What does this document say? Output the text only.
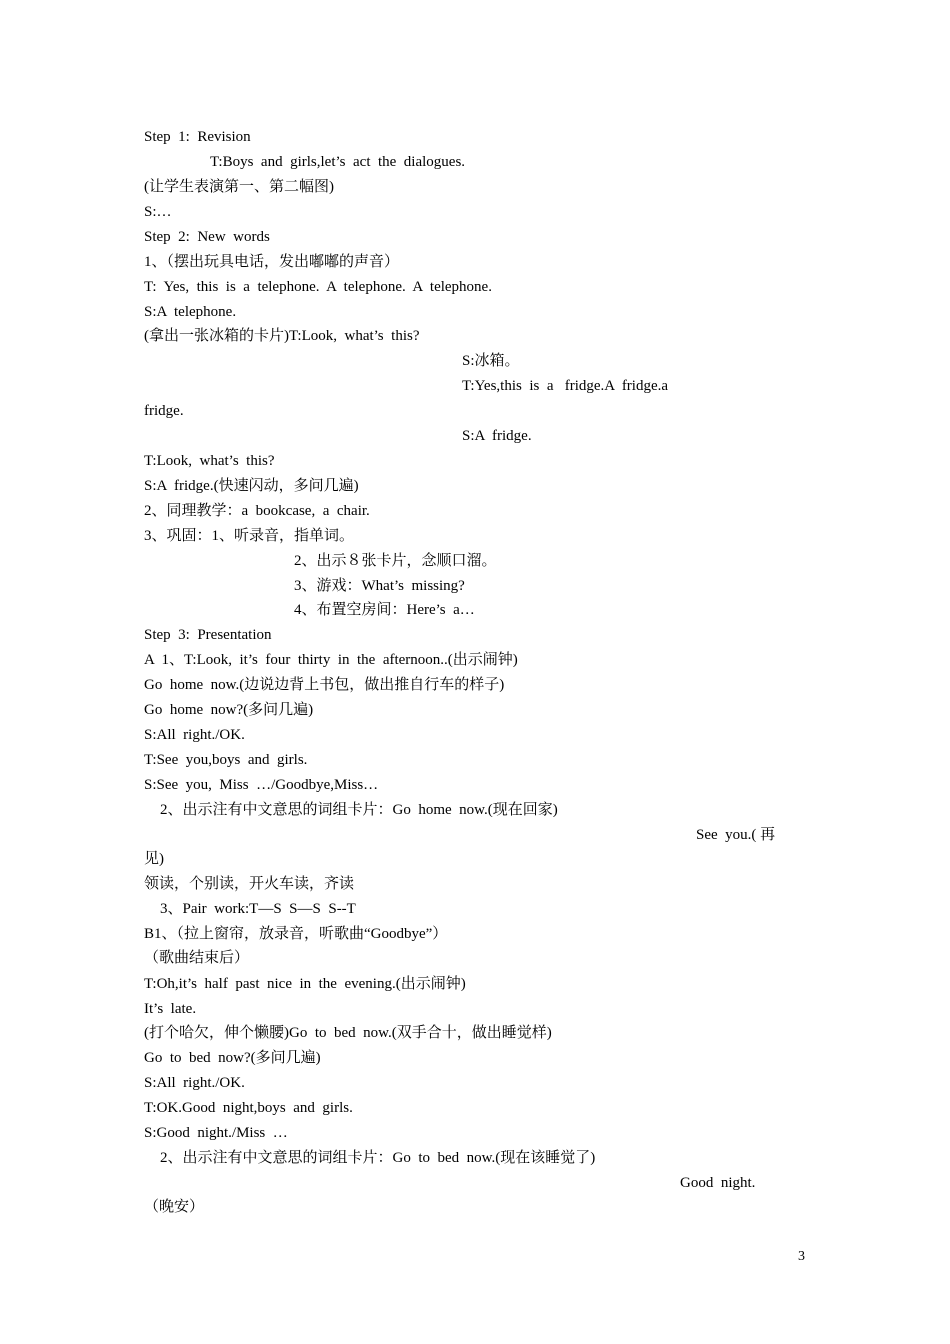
Step  1:  Revision
T:Boys  and  girls,let’s  act  the  dialogues.
(让学生表演第一、第二幅图)
S:…
Step  2:  New  words
1、（摆出玩具电话，发出嘟嘟的声音）
T:  Yes,  this  is  a  telephone.  A  telephone.  A  telephone.
S:A  telephone.
(拿出一张冰箱的卡片)T:Look,  what’s  this?
S:冰箱。
T:Yes,this  is  a   fridge.A  fridge.a
fridge.
S:A  fridge.
T:Look,  what’s  this?
S:A  fridge.(快速闪动，多问几遍)
2、同理教学：a  bookcase,  a  chair.
3、巩固：1、听录音，指单词。
2、出示８张卡片，念顺口溜。
3、游戏：What’s  missing?
4、布置空房间：Here’s  a…
Step  3:  Presentation
A  1、T:Look,  it’s  four  thirty  in  the  afternoon..(出示闹钟)
Go  home  now.(边说边背上书包，做出推自行车的样子)
Go  home  now?(多问几遍)
S:All  right./OK.
T:See  you,boys  and  girls.
S:See  you,  Miss  …/Goodbye,Miss…
2、出示注有中文意思的词组卡片：Go  home  now.(现在回家)
See  you.( 再
见)
领读，个别读，开火车读，齐读
3、Pair  work:T—S  S—S  S--T
B1、（拉上窗帘，放录音，听歌曲“Goodbye”）
（歌曲结束后）
T:Oh,it’s  half  past  nice  in  the  evening.(出示闹钟)
It’s  late.
(打个哈欠，伸个懒腰)Go  to  bed  now.(双手合十，做出睡觉样)
Go  to  bed  now?(多问几遍)
S:All  right./OK.
T:OK.Good  night,boys  and  girls.
S:Good  night./Miss  …
2、出示注有中文意思的词组卡片：Go  to  bed  now.(现在该睡觉了)
Good  night.
（晚安）
3
